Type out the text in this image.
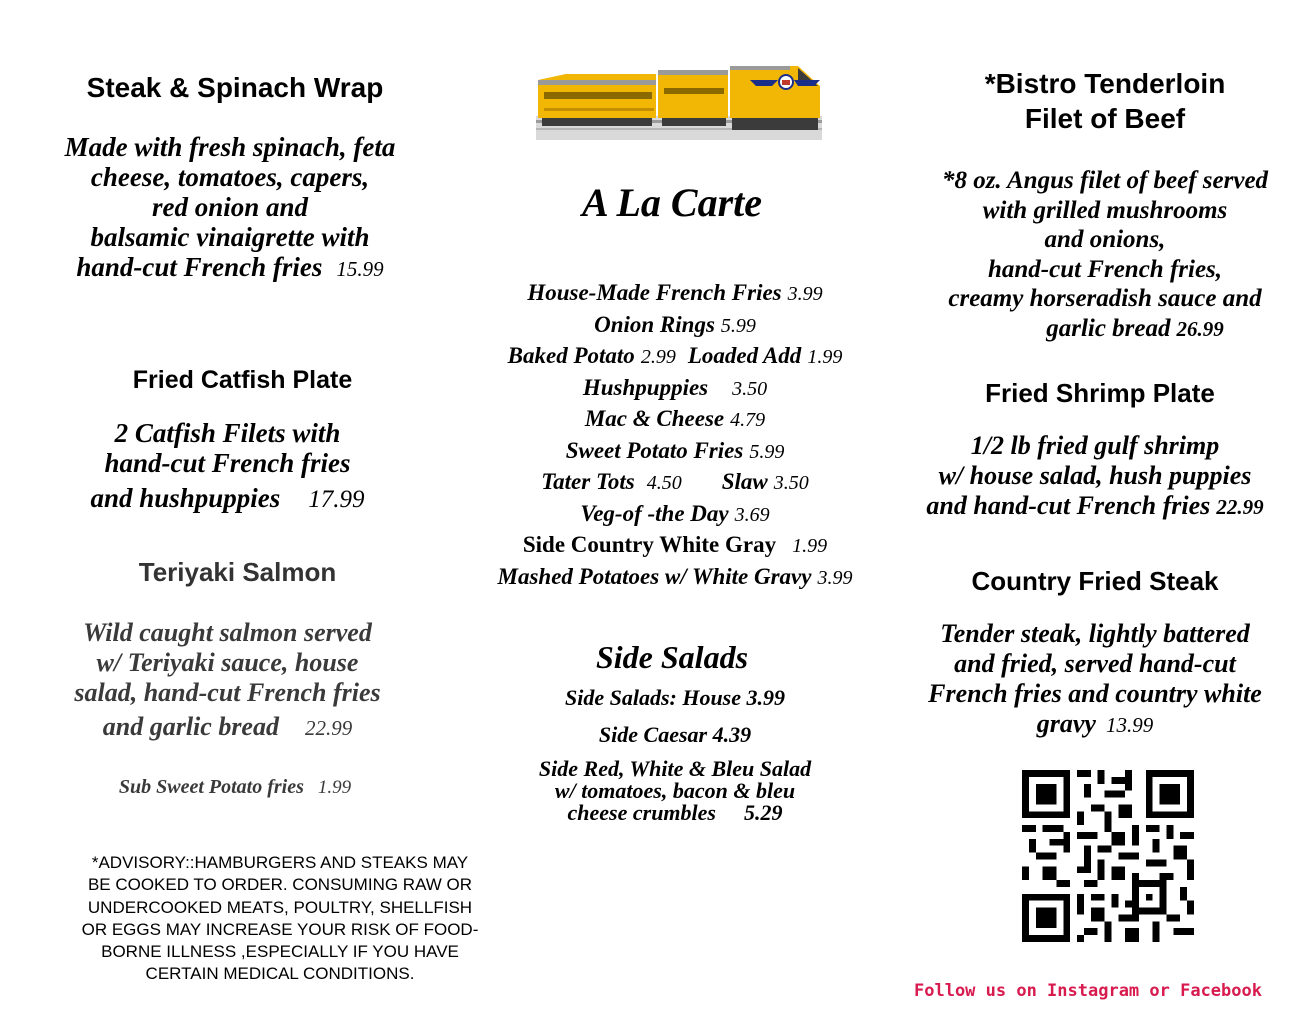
Steak & Spinach Wrap
Made with fresh spinach, feta
cheese, tomatoes, capers,
red onion and
balsamic vinaigrette with
hand-cut French fries 15.99
Fried Catfish Plate
2 Catfish Filets with
hand-cut French fries
and hushpuppies 17.99
Teriyaki Salmon
Wild caught salmon served
w/ Teriyaki sauce, house
salad, hand-cut French fries
and garlic bread 22.99
Sub Sweet Potato fries 1.99
*ADVISORY::HAMBURGERS AND STEAKS MAY
BE COOKED TO ORDER. CONSUMING RAW OR
UNDERCOOKED MEATS, POULTRY, SHELLFISH
OR EGGS MAY INCREASE YOUR RISK OF FOOD-
BORNE ILLNESS ,ESPECIALLY IF YOU HAVE
CERTAIN MEDICAL CONDITIONS.
A La Carte
House-Made French Fries 3.99
Onion Rings 5.99
Baked Potato 2.99 Loaded Add 1.99
Hushpuppies 3.50
Mac & Cheese 4.79
Sweet Potato Fries 5.99
Tater Tots 4.50 Slaw 3.50
Veg-of -the Day 3.69
Side Country White Gray 1.99
Mashed Potatoes w/ White Gravy 3.99
Side Salads
Side Salads: House 3.99
Side Caesar 4.39
Side Red, White & Bleu Salad
w/ tomatoes, bacon & bleu
cheese crumbles 5.29
*Bistro Tenderloin
Filet of Beef
*8 oz. Angus filet of beef served
with grilled mushrooms
and onions,
hand-cut French fries,
creamy horseradish sauce and
garlic bread 26.99
Fried Shrimp Plate
1/2 lb fried gulf shrimp
w/ house salad, hush puppies
and hand-cut French fries 22.99
Country Fried Steak
Tender steak, lightly battered
and fried, served hand-cut
French fries and country white
gravy 13.99
Follow us on Instagram or Facebook
